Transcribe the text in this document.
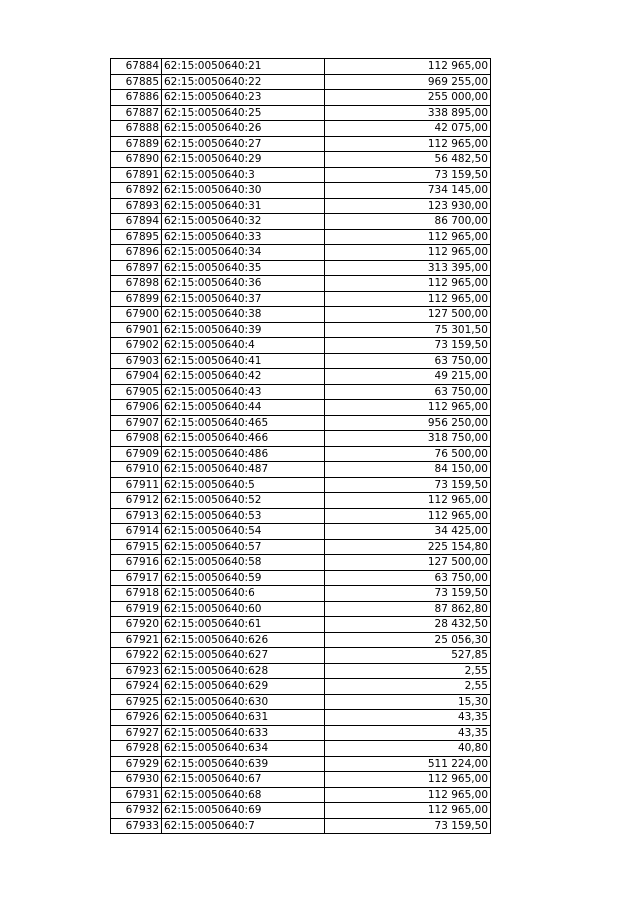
67884	62:15:0050640:21	112 965,00
67885	62:15:0050640:22	969 255,00
67886	62:15:0050640:23	255 000,00
67887	62:15:0050640:25	338 895,00
67888	62:15:0050640:26	42 075,00
67889	62:15:0050640:27	112 965,00
67890	62:15:0050640:29	56 482,50
67891	62:15:0050640:3	73 159,50
67892	62:15:0050640:30	734 145,00
67893	62:15:0050640:31	123 930,00
67894	62:15:0050640:32	86 700,00
67895	62:15:0050640:33	112 965,00
67896	62:15:0050640:34	112 965,00
67897	62:15:0050640:35	313 395,00
67898	62:15:0050640:36	112 965,00
67899	62:15:0050640:37	112 965,00
67900	62:15:0050640:38	127 500,00
67901	62:15:0050640:39	75 301,50
67902	62:15:0050640:4	73 159,50
67903	62:15:0050640:41	63 750,00
67904	62:15:0050640:42	49 215,00
67905	62:15:0050640:43	63 750,00
67906	62:15:0050640:44	112 965,00
67907	62:15:0050640:465	956 250,00
67908	62:15:0050640:466	318 750,00
67909	62:15:0050640:486	76 500,00
67910	62:15:0050640:487	84 150,00
67911	62:15:0050640:5	73 159,50
67912	62:15:0050640:52	112 965,00
67913	62:15:0050640:53	112 965,00
67914	62:15:0050640:54	34 425,00
67915	62:15:0050640:57	225 154,80
67916	62:15:0050640:58	127 500,00
67917	62:15:0050640:59	63 750,00
67918	62:15:0050640:6	73 159,50
67919	62:15:0050640:60	87 862,80
67920	62:15:0050640:61	28 432,50
67921	62:15:0050640:626	25 056,30
67922	62:15:0050640:627	527,85
67923	62:15:0050640:628	2,55
67924	62:15:0050640:629	2,55
67925	62:15:0050640:630	15,30
67926	62:15:0050640:631	43,35
67927	62:15:0050640:633	43,35
67928	62:15:0050640:634	40,80
67929	62:15:0050640:639	511 224,00
67930	62:15:0050640:67	112 965,00
67931	62:15:0050640:68	112 965,00
67932	62:15:0050640:69	112 965,00
67933	62:15:0050640:7	73 159,50
